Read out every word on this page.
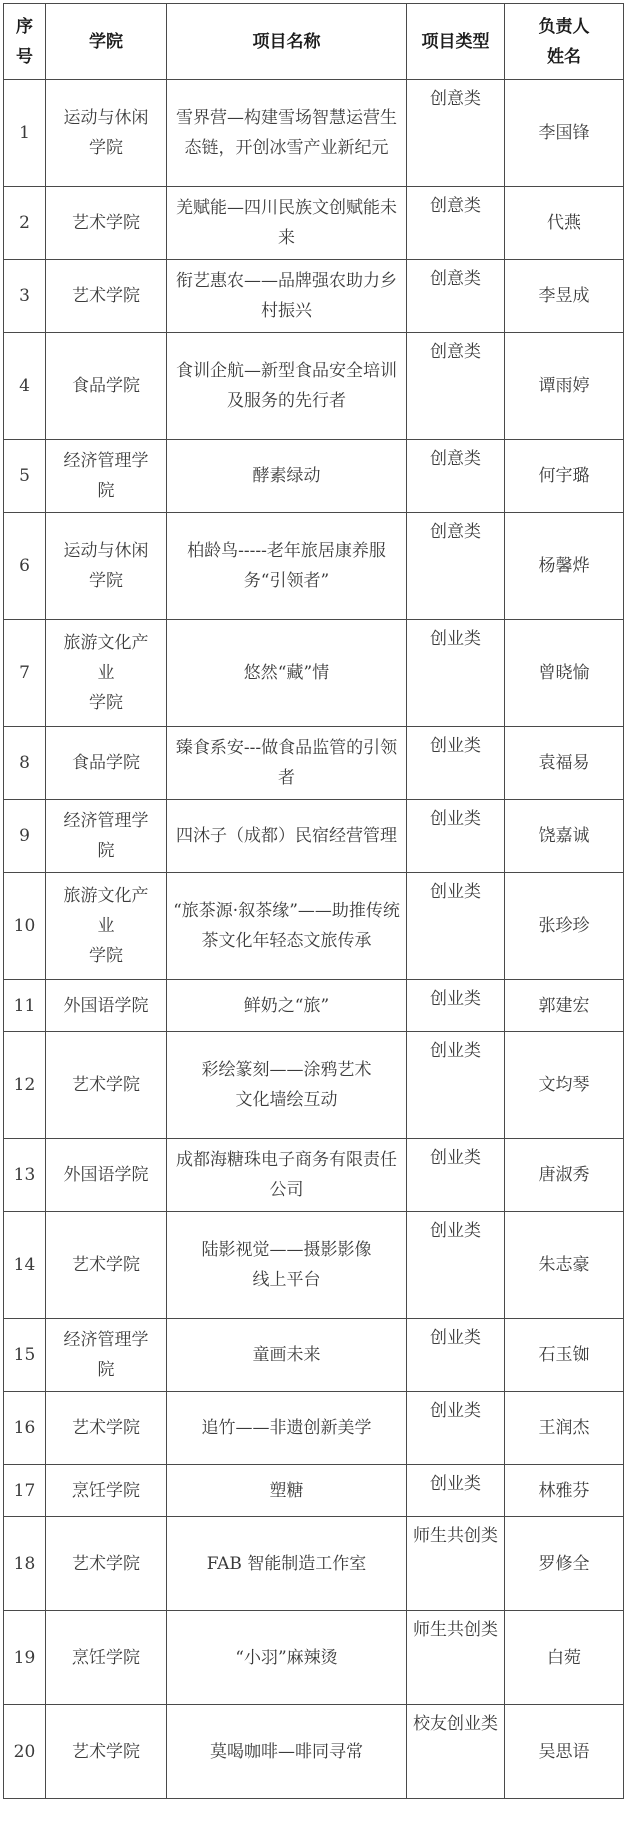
序
号	学院	项目名称	项目类型	负责人
姓名
1	运动与休闲
学院	雪界营—构建雪场智慧运营生态链，开创冰雪产业新纪元	创意类	李国锋
2	艺术学院	羌赋能—四川民族文创赋能未来	创意类	代燕
3	艺术学院	衔艺惠农——品牌强农助力乡村振兴	创意类	李昱成
4	食品学院	食训企航—新型食品安全培训及服务的先行者	创意类	谭雨婷
5	经济管理学
院	酵素绿动	创意类	何宇璐
6	运动与休闲
学院	柏龄鸟-----老年旅居康养服务“引领者”	创意类	杨馨烨
7	旅游文化产
业
学院	悠然“藏”情	创业类	曾晓愉
8	食品学院	臻食系安---做食品监管的引领者	创业类	袁福易
9	经济管理学
院	四沐子（成都）民宿经营管理	创业类	饶嘉诚
10	旅游文化产
业
学院	“旅茶源·叙茶缘”——助推传统茶文化年轻态文旅传承	创业类	张珍珍
11	外国语学院	鲜奶之“旅”	创业类	郭建宏
12	艺术学院	彩绘篆刻——涂鸦艺术
文化墙绘互动	创业类	文均琴
13	外国语学院	成都海糖珠电子商务有限责任公司	创业类	唐淑秀
14	艺术学院	陆影视觉——摄影影像
线上平台	创业类	朱志豪
15	经济管理学
院	童画未来	创业类	石玉铷
16	艺术学院	追竹——非遗创新美学	创业类	王润杰
17	烹饪学院	塑糖	创业类	林雅芬
18	艺术学院	FAB 智能制造工作室	师生共创类	罗修全
19	烹饪学院	“小羽”麻辣烫	师生共创类	白菀
20	艺术学院	莫喝咖啡—啡同寻常	校友创业类	吴思语
